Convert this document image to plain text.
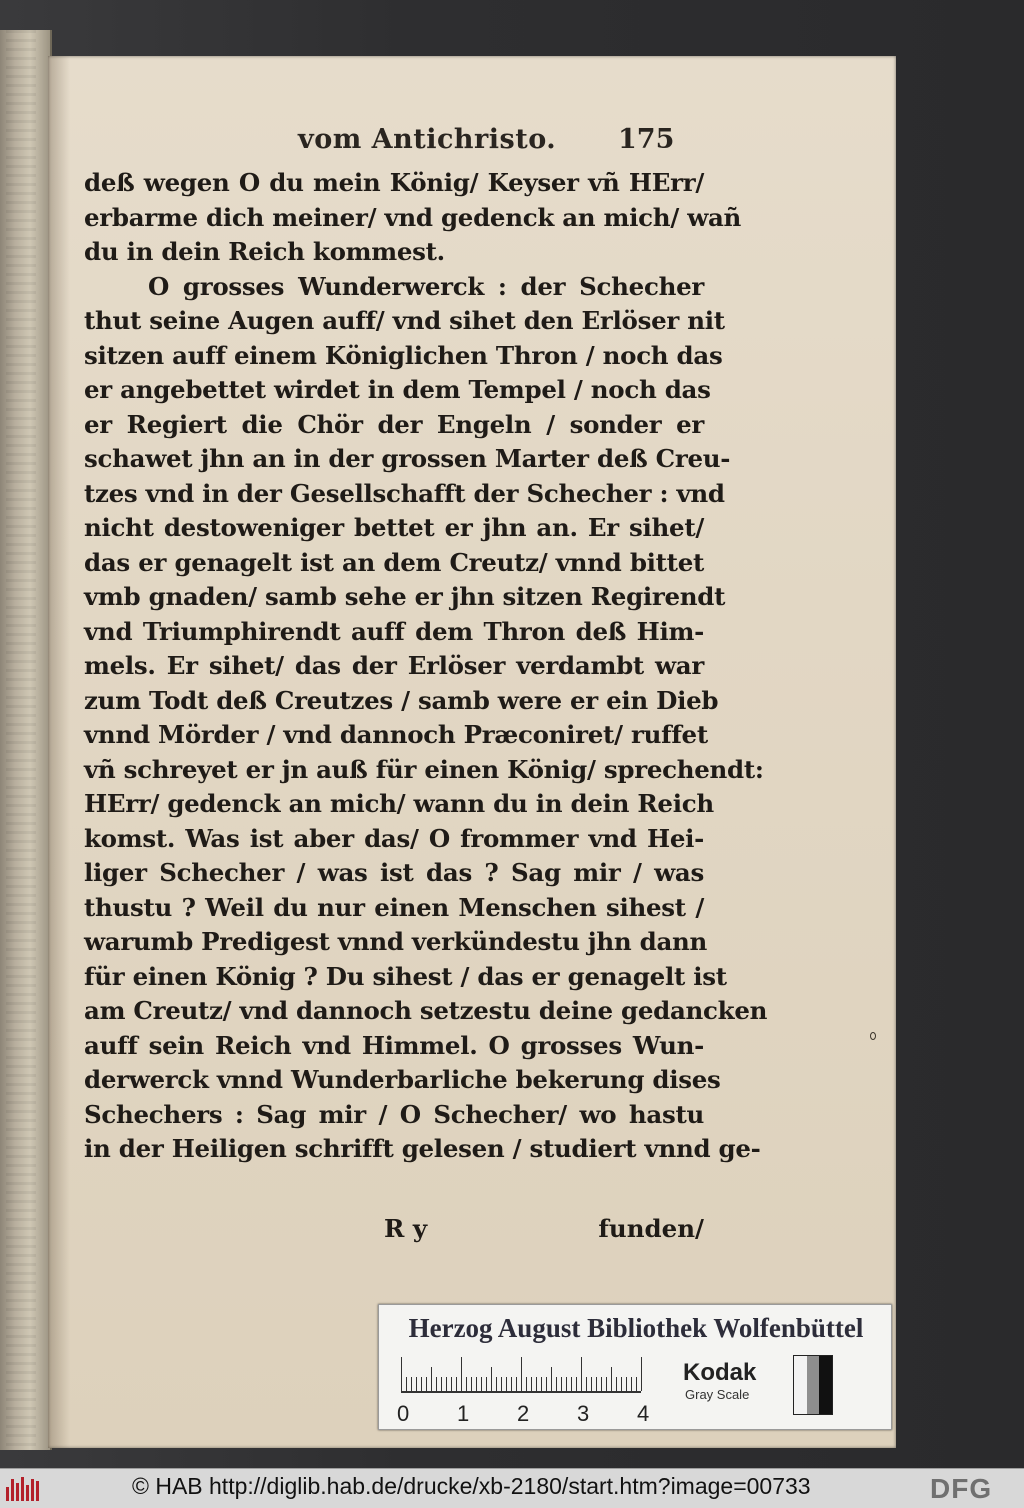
vom Antichristo. 175
deß wegen O du mein König/ Keyser vñ HErr/
erbarme dich meiner/ vnd gedenck an mich/ wañ
du in dein Reich kommest.
O grosses Wunderwerck : der Schecher
thut seine Augen auff/ vnd sihet den Erlöser nit
sitzen auff einem Königlichen Thron / noch das
er angebettet wirdet in dem Tempel / noch das
er Regiert die Chör der Engeln / sonder er
schawet jhn an in der grossen Marter deß Creu-
tzes vnd in der Gesellschafft der Schecher : vnd
nicht destoweniger bettet er jhn an. Er sihet/
das er genagelt ist an dem Creutz/ vnnd bittet
vmb gnaden/ samb sehe er jhn sitzen Regirendt
vnd Triumphirendt auff dem Thron deß Him-
mels. Er sihet/ das der Erlöser verdambt war
zum Todt deß Creutzes / samb were er ein Dieb
vnnd Mörder / vnd dannoch Præconiret/ ruffet
vñ schreyet er jn auß für einen König/ sprechendt:
HErr/ gedenck an mich/ wann du in dein Reich
komst. Was ist aber das/ O frommer vnd Hei-
liger Schecher / was ist das ? Sag mir / was
thustu ? Weil du nur einen Menschen sihest /
warumb Predigest vnnd verkündestu jhn dann
für einen König ? Du sihest / das er genagelt ist
am Creutz/ vnd dannoch setzestu deine gedancken
auff sein Reich vnd Himmel. O grosses Wun-
derwerck vnnd Wunderbarliche bekerung dises
Schechers : Sag mir / O Schecher/ wo hastu
in der Heiligen schrifft gelesen / studiert vnnd ge-
R y	funden/
Herzog August Bibliothek Wolfenbüttel
0 1 2 3 4
Kodak
Gray Scale
© HAB http://diglib.hab.de/drucke/xb-2180/start.htm?image=00733	DFG
